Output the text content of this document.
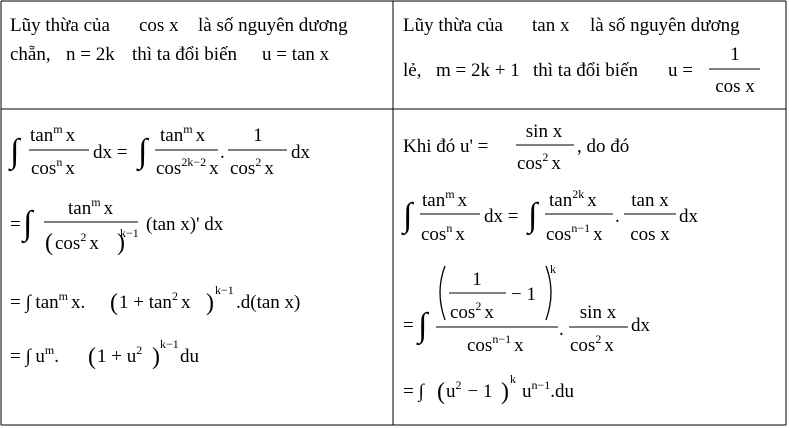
Lũy thừa của cos x là số nguyên dương
chẵn, n = 2k thì ta đổi biến u = tan x
Lũy thừa của tan x là số nguyên dương
lẻ, m = 2k + 1 thì ta đổi biến u =
1
cos x
∫ $\tan^m x$
$\cos^n x$
dx = ∫ $\tan^m x$
$\cos^{2k-2} x$
.
1
$\cos^2 x$
dx
= ∫ $\tan^m x$
( $\cos^2 x$ )
k−1 (tan x)' dx
= ∫ $\tan^m x$. ( $1 + \tan^2 x$ ) k−1
.d(tan x)
= ∫ $u^m$. ( $1 + u^2$ ) k−1
du
Khi đó u' =
sin x
$\cos^2 x$
, do đó
∫ $\tan^m x$
$\cos^n x$
dx = ∫ $\tan^{2k} x$
$\cos^{n-1} x$
.
tan x
cos x
dx
= ∫
1
$\cos^2 x$
− 1
k
$\cos^{n-1} x$
.
sin x
$\cos^2 x$
dx
= ∫ ( $u^2 - 1$ ) k
$u^{n-1}.du$
